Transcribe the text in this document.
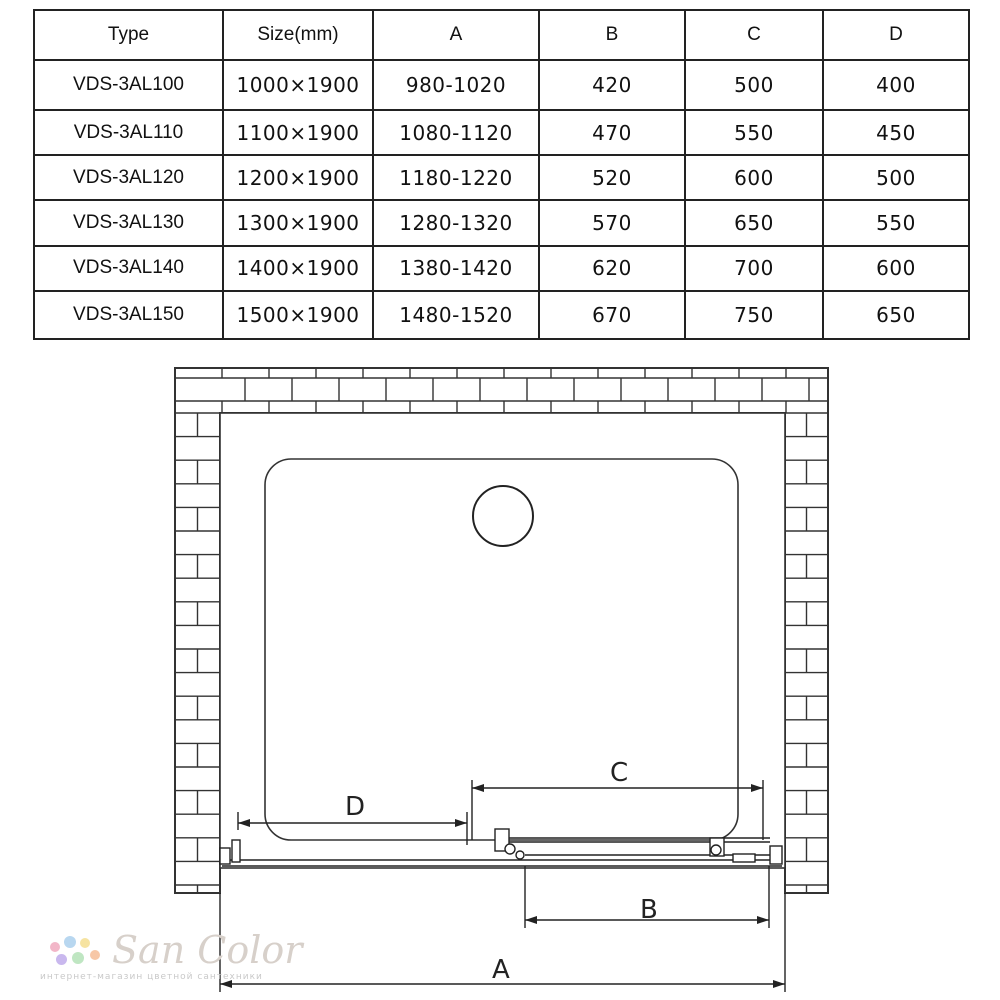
Type	Size(mm)	A	B	C	D
VDS-3AL100	1000×1900	980-1020	420	500	400
VDS-3AL110	1100×1900	1080-1120	470	550	450
VDS-3AL120	1200×1900	1180-1220	520	600	500
VDS-3AL130	1300×1900	1280-1320	570	650	550
VDS-3AL140	1400×1900	1380-1420	620	700	600
VDS-3AL150	1500×1900	1480-1520	670	750	650
D
C
B
A
San Color
интернет-магазин цветной сантехники
